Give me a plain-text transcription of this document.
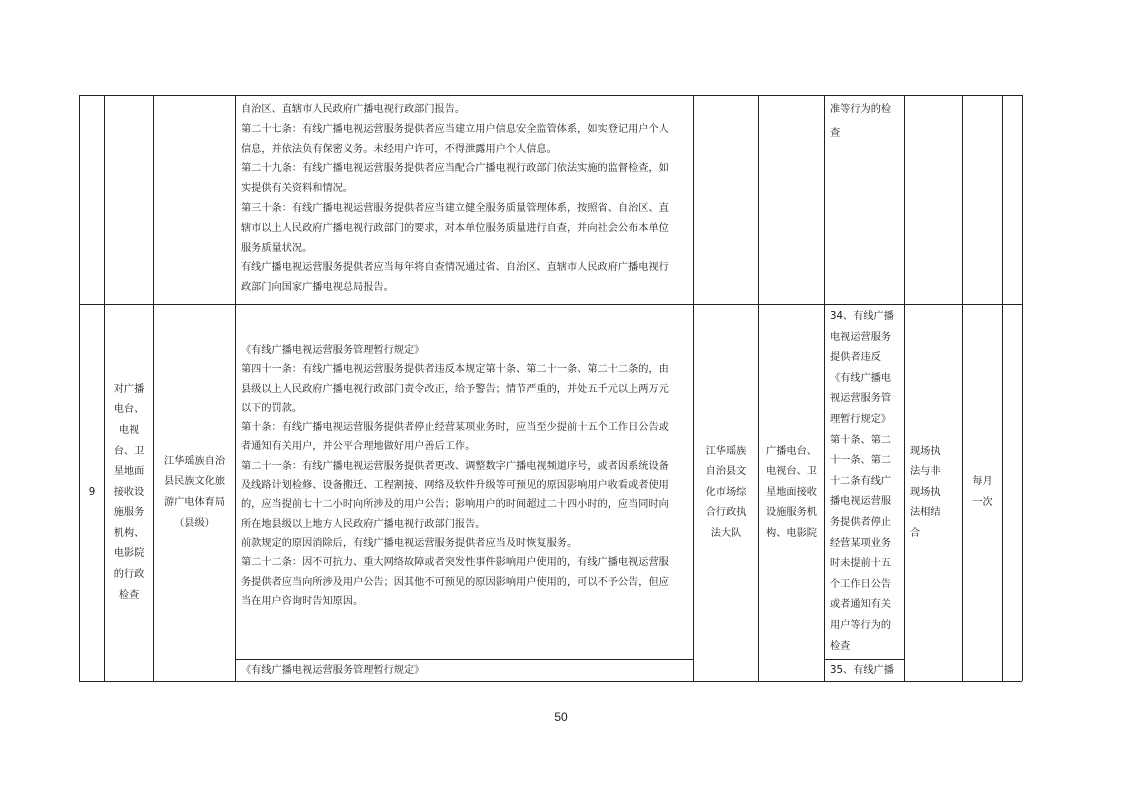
自治区、直辖市人民政府广播电视行政部门报告。

第二十七条：有线广播电视运营服务提供者应当建立用户信息安全监管体系，如实登记用户个人

信息，并依法负有保密义务。未经用户许可，不得泄露用户个人信息。

第二十九条：有线广播电视运营服务提供者应当配合广播电视行政部门依法实施的监督检查，如

实提供有关资料和情况。

第三十条：有线广播电视运营服务提供者应当建立健全服务质量管理体系，按照省、自治区、直

辖市以上人民政府广播电视行政部门的要求，对本单位服务质量进行自查，并向社会公布本单位

服务质量状况。

有线广播电视运营服务提供者应当每年将自查情况通过省、自治区、直辖市人民政府广播电视行

政部门向国家广播电视总局报告。

准等行为的检
查
9
对广播
电台、
电视
台、卫
星地面
接收设
施服务
机构、
电影院
的行政
检查
江华瑶族自治
县民族文化旅
游广电体育局
（县级）

《有线广播电视运营服务管理暂行规定》

第四十一条：有线广播电视运营服务提供者违反本规定第十条、第二十一条、第二十二条的，由

县级以上人民政府广播电视行政部门责令改正，给予警告；情节严重的，并处五千元以上两万元

以下的罚款。

第十条：有线广播电视运营服务提供者停止经营某项业务时，应当至少提前十五个工作日公告或

者通知有关用户，并公平合理地做好用户善后工作。

第二十一条：有线广播电视运营服务提供者更改、调整数字广播电视频道序号，或者因系统设备

及线路计划检修、设备搬迁、工程割接、网络及软件升级等可预见的原因影响用户收看或者使用

的，应当提前七十二小时向所涉及的用户公告；影响用户的时间超过二十四小时的，应当同时向

所在地县级以上地方人民政府广播电视行政部门报告。

前款规定的原因消除后，有线广播电视运营服务提供者应当及时恢复服务。

第二十二条：因不可抗力、重大网络故障或者突发性事件影响用户使用的，有线广播电视运营服

务提供者应当向所涉及用户公告；因其他不可预见的原因影响用户使用的，可以不予公告，但应

当在用户咨询时告知原因。

《有线广播电视运营服务管理暂行规定》

江华瑶族
自治县文
化市场综
合行政执
法大队
广播电台、
电视台、卫
星地面接收
设施服务机
构、电影院
34、有线广播
电视运营服务
提供者违反
《有线广播电
视运营服务管
理暂行规定》
第十条、第二
十一条、第二
十二条有线广
播电视运营服
务提供者停止
经营某项业务
时未提前十五
个工作日公告
或者通知有关
用户等行为的
检查
35、有线广播
现场执
法与非
现场执
法相结
合
每月
一次
50
